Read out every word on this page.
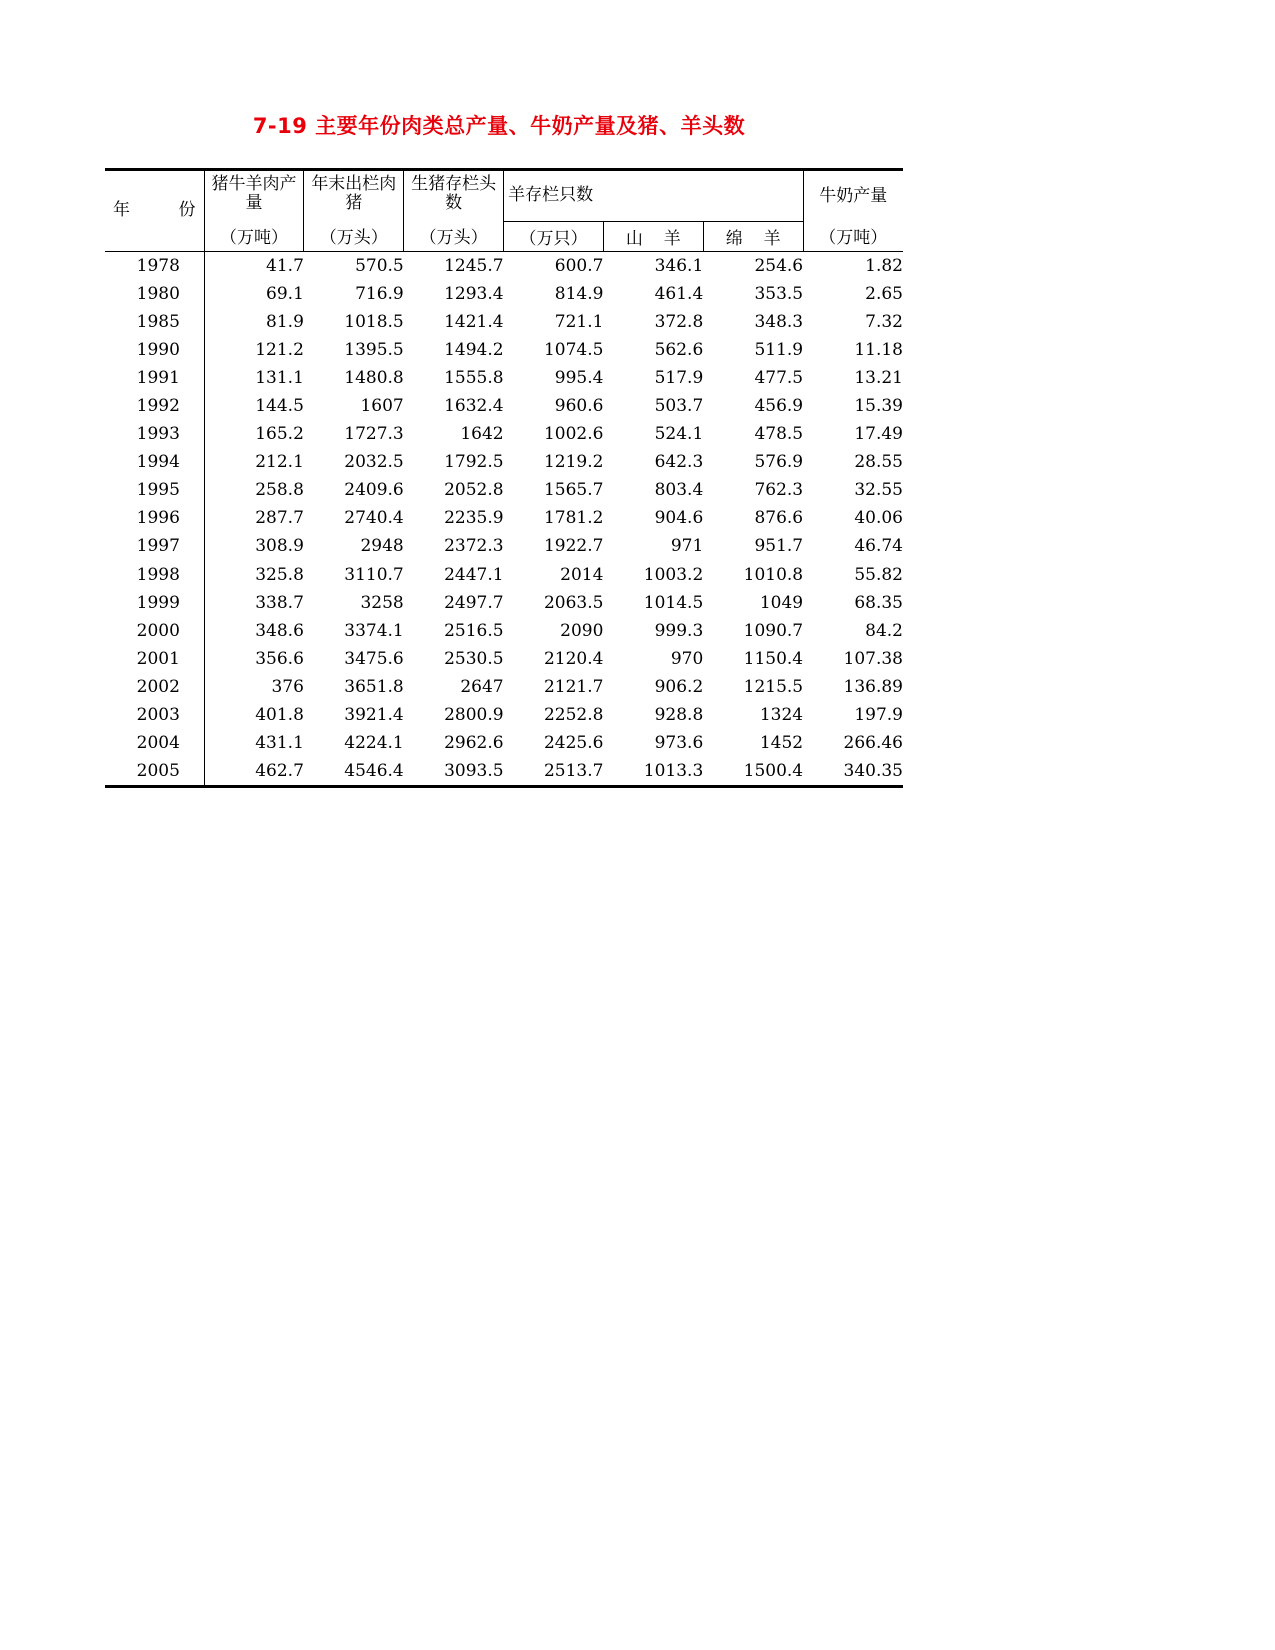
7-19 主要年份肉类总产量、牛奶产量及猪、羊头数
年 份	猪牛羊肉产量	年末出栏肉猪	生猪存栏头数	羊存栏只数			牛奶产量
	（万吨）	（万头）	（万头）	（万只）	山 羊	绵 羊	（万吨）
1978	41.7	570.5	1245.7	600.7	346.1	254.6	1.82
1980	69.1	716.9	1293.4	814.9	461.4	353.5	2.65
1985	81.9	1018.5	1421.4	721.1	372.8	348.3	7.32
1990	121.2	1395.5	1494.2	1074.5	562.6	511.9	11.18
1991	131.1	1480.8	1555.8	995.4	517.9	477.5	13.21
1992	144.5	1607	1632.4	960.6	503.7	456.9	15.39
1993	165.2	1727.3	1642	1002.6	524.1	478.5	17.49
1994	212.1	2032.5	1792.5	1219.2	642.3	576.9	28.55
1995	258.8	2409.6	2052.8	1565.7	803.4	762.3	32.55
1996	287.7	2740.4	2235.9	1781.2	904.6	876.6	40.06
1997	308.9	2948	2372.3	1922.7	971	951.7	46.74
1998	325.8	3110.7	2447.1	2014	1003.2	1010.8	55.82
1999	338.7	3258	2497.7	2063.5	1014.5	1049	68.35
2000	348.6	3374.1	2516.5	2090	999.3	1090.7	84.2
2001	356.6	3475.6	2530.5	2120.4	970	1150.4	107.38
2002	376	3651.8	2647	2121.7	906.2	1215.5	136.89
2003	401.8	3921.4	2800.9	2252.8	928.8	1324	197.9
2004	431.1	4224.1	2962.6	2425.6	973.6	1452	266.46
2005	462.7	4546.4	3093.5	2513.7	1013.3	1500.4	340.35
